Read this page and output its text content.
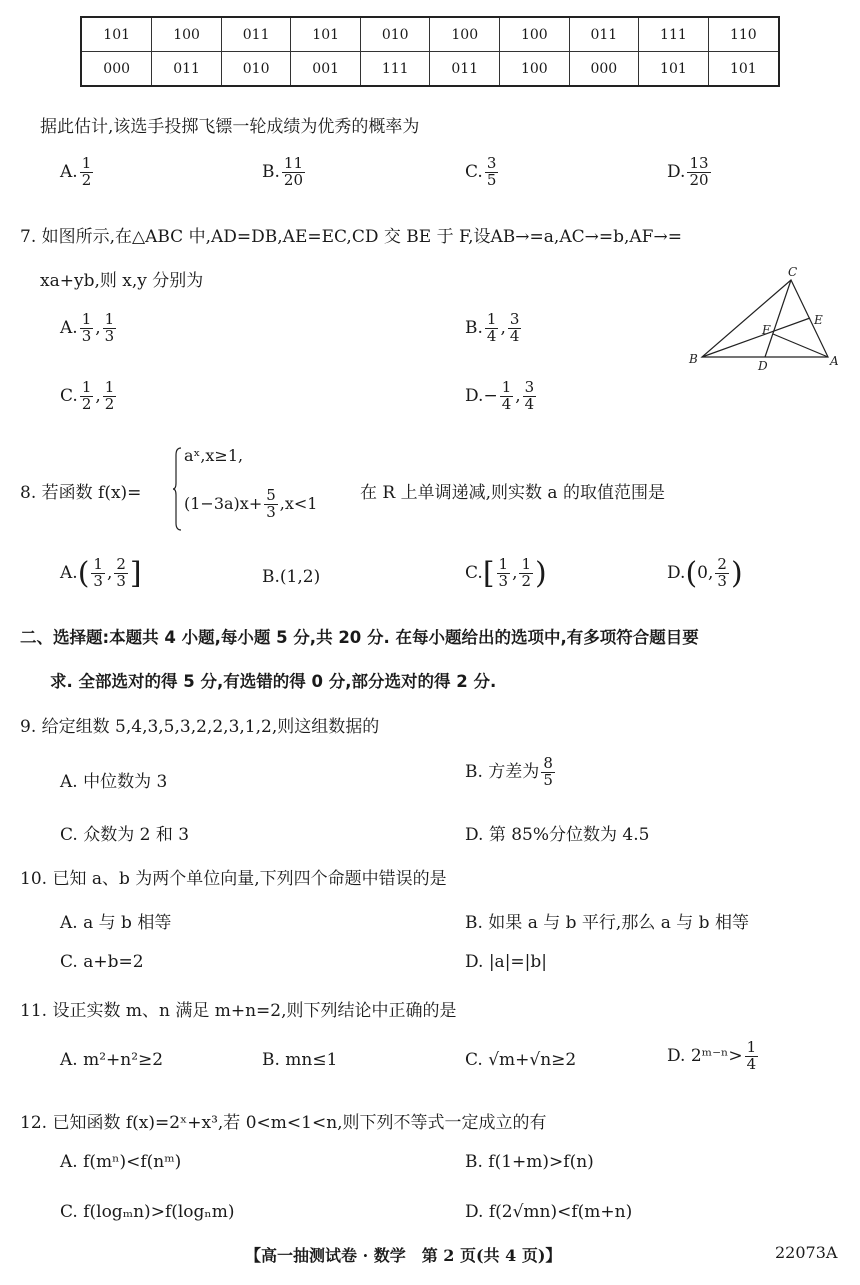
101	100	011	101	010	100	100	011	111	110
000	011	010	001	111	011	100	000	101	101
据此估计,该选手投掷飞镖一轮成绩为优秀的概率为
A. $\frac{1}{2}$	B. $\frac{11}{20}$	C. $\frac{3}{5}$	D. $\frac{13}{20}$
7. 如图所示,在△ABC 中,AD=DB,AE=EC,CD 交 BE 于 F,设AB→=a,AC→=b,AF→=
xa+yb,则 x,y 分别为
A. $\frac{1}{3}$ , $\frac{1}{3}$	B. $\frac{1}{4}$ , $\frac{3}{4}$
C. $\frac{1}{2}$ , $\frac{1}{2}$	$D.- \frac{1}{4}$ , $\frac{3}{4}$
C
E
F
B	D	A
8. 若函数 f(x)=
aˣ,x≥1,
$(1-3a)x+ \frac{5}{3} ,x<1$
在 R 上单调递减,则实数 a 的取值范围是
$A.( \frac{1}{3}$ , $\frac{2}{3}$ ]	B.(1,2)	$C.[ \frac{1}{3}$ , $\frac{1}{2}$ )	D.(0, $\frac{2}{3}$ )
二、选择题:本题共 4 小题,每小题 5 分,共 20 分. 在每小题给出的选项中,有多项符合题目要
求. 全部选对的得 5 分,有选错的得 0 分,部分选对的得 2 分.
9. 给定组数 5,4,3,5,3,2,2,3,1,2,则这组数据的
A. 中位数为 3
B. 方差为 $\frac{8}{5}$
C. 众数为 2 和 3	D. 第 85%分位数为 4.5
10. 已知 a、b 为两个单位向量,下列四个命题中错误的是
A. a 与 b 相等	B. 如果 a 与 b 平行,那么 a 与 b 相等
C. a+b=2	D. |a|=|b|
11. 设正实数 m、n 满足 m+n=2,则下列结论中正确的是
A. m²+n²≥2	B. mn≤1	C. √m+√n≥2	D. 2ᵐ⁻ⁿ> $\frac{1}{4}$
12. 已知函数 f(x)=2ˣ+x³,若 0<m<1<n,则下列不等式一定成立的有
A. f(mⁿ)<f(nᵐ)	B. f(1+m)>f(n)
C. f(logₘn)>f(logₙm)	D. f(2√mn)<f(m+n)
【高一抽测试卷 · 数学　第 2 页(共 4 页)】	22073A
